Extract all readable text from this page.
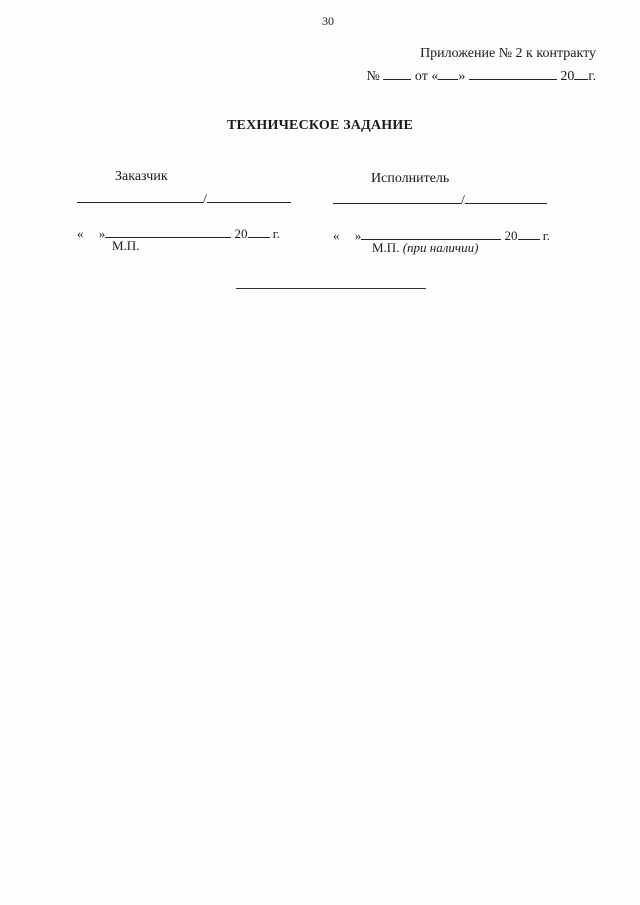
30
Приложение № 2 к контракту
№	от « »	20 г.
ТЕХНИЧЕСКОЕ ЗАДАНИЕ
Заказчик
/
« »	20 г.
М.П.
Исполнитель
/
« »	20 г.
М.П. (при наличии)
